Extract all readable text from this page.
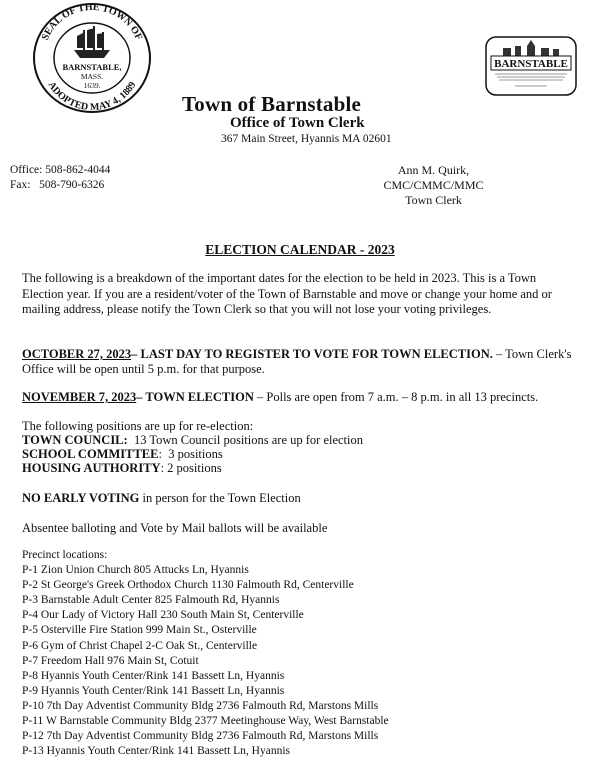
SEAL OF THE TOWN OF
ADOPTED MAY 4, 1889
BARNSTABLE,
MASS.
1639.
BARNSTABLE
Town of Barnstable
Office of Town Clerk
367 Main Street, Hyannis MA 02601
Office: 508-862-4044
Fax:   508-790-6326
Ann M. Quirk, CMC/CMMC/MMC
Town Clerk
ELECTION CALENDAR - 2023
The following is a breakdown of the important dates for the election to be held in 2023. This is a Town Election year. If you are a resident/voter of the Town of Barnstable and move or change your home and or mailing address, please notify the Town Clerk so that you will not lose your voting privileges.
OCTOBER 27, 2023– LAST DAY TO REGISTER TO VOTE FOR TOWN ELECTION. – Town Clerk's Office will be open until 5 p.m. for that purpose.
NOVEMBER 7, 2023– TOWN ELECTION – Polls are open from 7 a.m. – 8 p.m. in all 13 precincts.
The following positions are up for re-election:
TOWN COUNCIL:  13 Town Council positions are up for election
SCHOOL COMMITTEE:  3 positions
HOUSING AUTHORITY: 2 positions
NO EARLY VOTING in person for the Town Election
Absentee balloting and Vote by Mail ballots will be available
Precinct locations:
P-1 Zion Union Church 805 Attucks Ln, Hyannis
P-2 St George's Greek Orthodox Church 1130 Falmouth Rd, Centerville
P-3 Barnstable Adult Center 825 Falmouth Rd, Hyannis
P-4 Our Lady of Victory Hall 230 South Main St, Centerville
P-5 Osterville Fire Station 999 Main St., Osterville
P-6 Gym of Christ Chapel 2-C Oak St., Centerville
P-7 Freedom Hall 976 Main St, Cotuit
P-8 Hyannis Youth Center/Rink 141 Bassett Ln, Hyannis
P-9 Hyannis Youth Center/Rink 141 Bassett Ln, Hyannis
P-10 7th Day Adventist Community Bldg 2736 Falmouth Rd, Marstons Mills
P-11 W Barnstable Community Bldg 2377 Meetinghouse Way, West Barnstable
P-12 7th Day Adventist Community Bldg 2736 Falmouth Rd, Marstons Mills
P-13 Hyannis Youth Center/Rink 141 Bassett Ln, Hyannis
